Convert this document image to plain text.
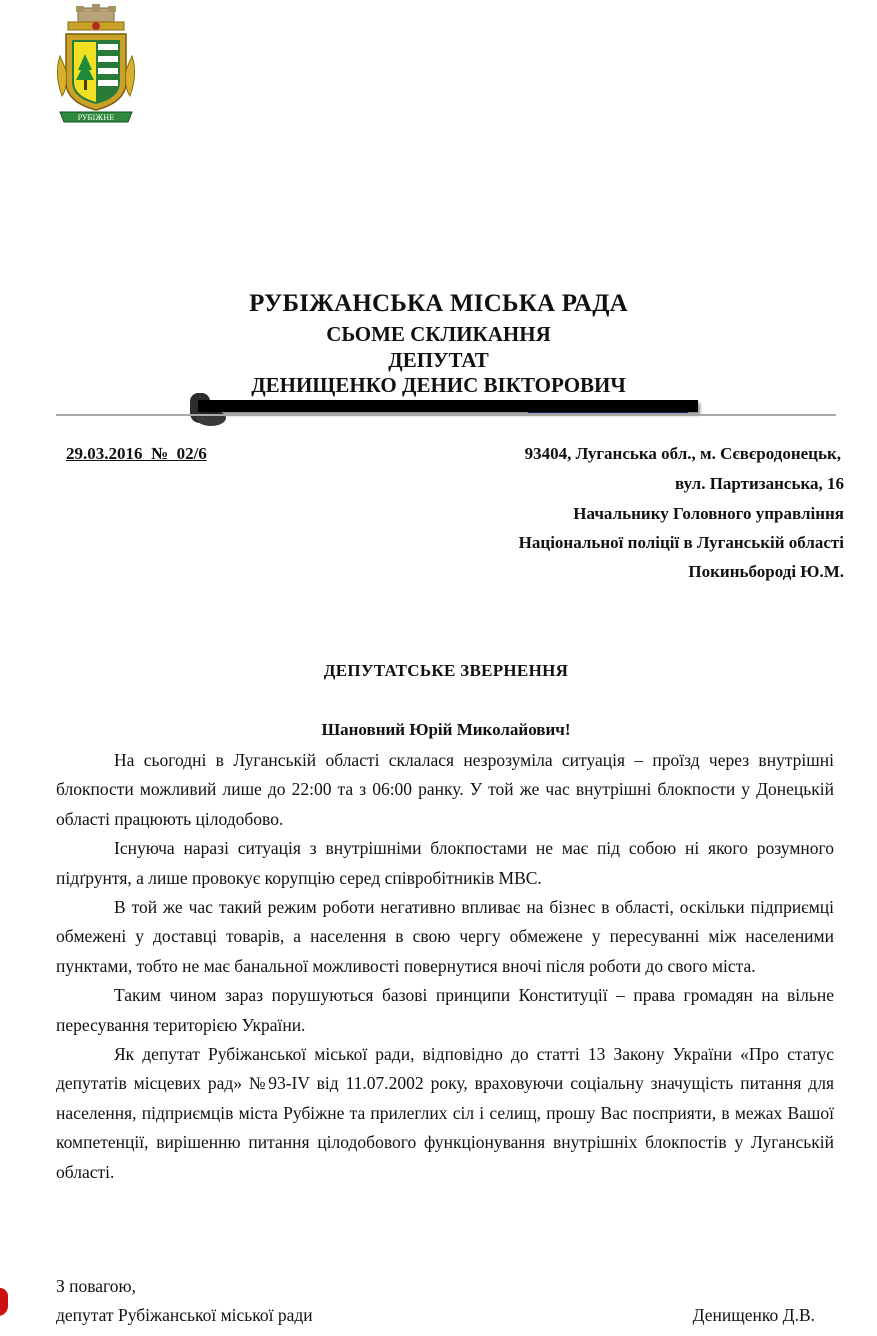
РУБІЖНЕ
РУБІЖАНСЬКА МІСЬКА РАДА
СЬОМЕ СКЛИКАННЯ
ДЕПУТАТ
ДЕНИЩЕНКО ДЕНИС ВІКТОРОВИЧ
29.03.2016  №  02/6	93404, Луганська обл., м. Сєвєродонецьк,
вул. Партизанська, 16
Начальнику Головного управління
Національної поліції в Луганській області
Покиньбороді Ю.М.
ДЕПУТАТСЬКЕ ЗВЕРНЕННЯ
Шановний Юрій Миколайович!

На сьогодні в Луганській області склалася незрозуміла ситуація – проїзд через внутрішні блокпости можливий лише до 22:00 та з 06:00 ранку. У той же час внутрішні блокпости у Донецькій області працюють цілодобово.

Існуюча наразі ситуація з внутрішніми блокпостами не має під собою ні якого розумного підґрунтя, а лише провокує корупцію серед співробітників МВС.

В той же час такий режим роботи негативно впливає на бізнес в області, оскільки підприємці обмежені у доставці товарів, а населення в свою чергу обмежене у пересуванні між населеними пунктами, тобто не має банальної можливості повернутися вночі після роботи до свого міста.

Таким чином зараз порушуються базові принципи Конституції – права громадян на вільне пересування територією України.

Як депутат Рубіжанської міської ради, відповідно до статті 13 Закону України «Про статус депутатів місцевих рад» №93-IV від 11.07.2002 року, враховуючи соціальну значущість питання для населення, підприємців міста Рубіжне та прилеглих сіл і селищ, прошу Вас посприяти, в межах Вашої компетенції, вирішенню питання цілодобового функціонування внутрішніх блокпостів у Луганській області.

З повагою,
депутат Рубіжанської міської ради	Денищенко Д.В.
